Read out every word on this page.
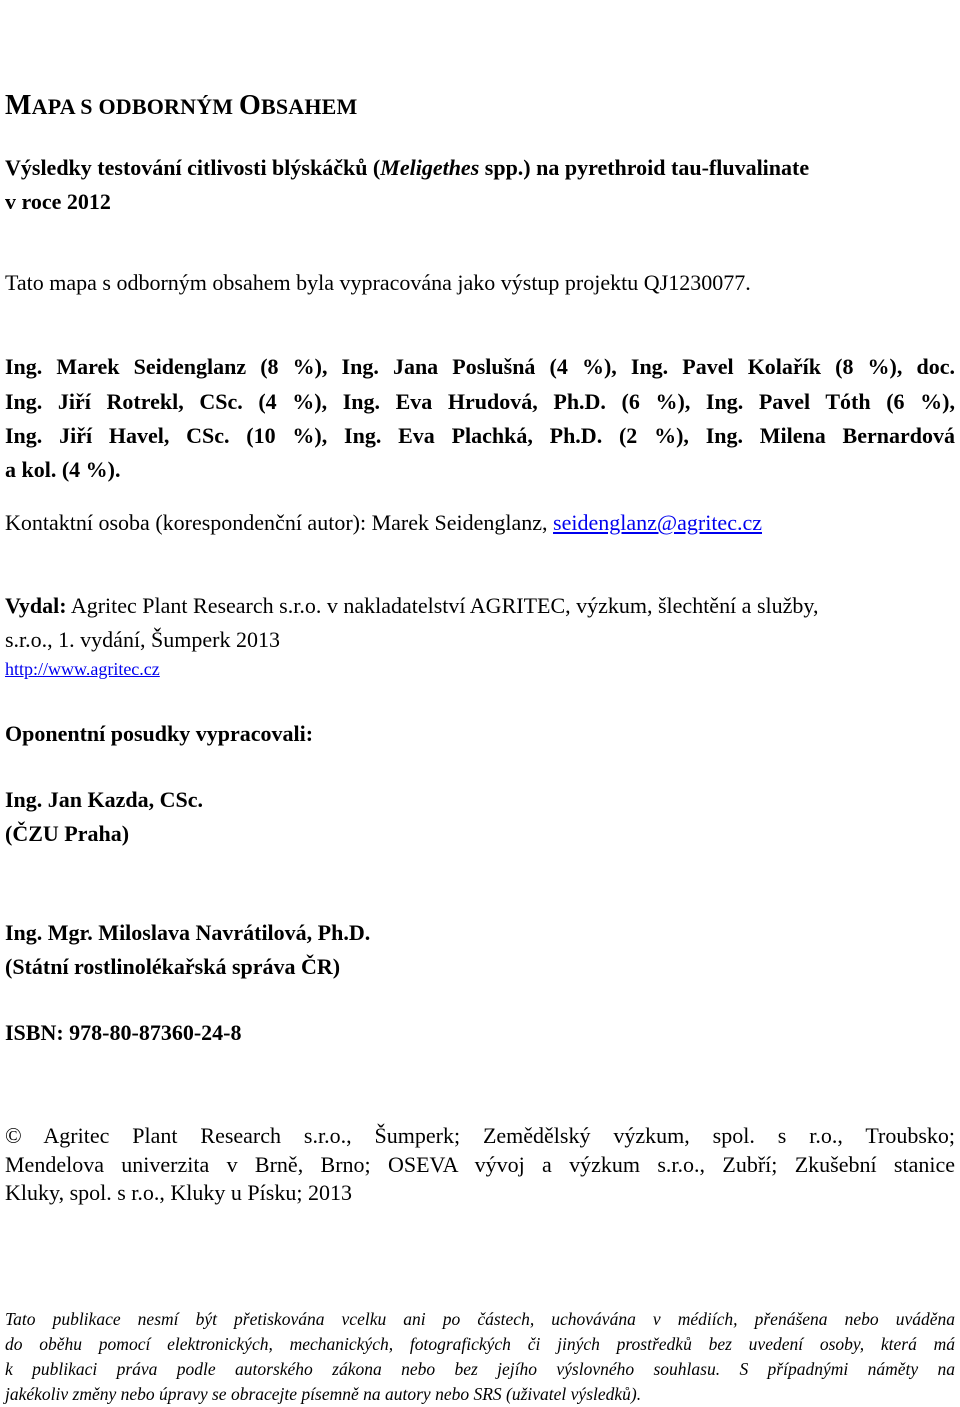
MAPA S ODBORNÝM OBSAHEM
Výsledky testování citlivosti blýskáčků (Meligethes spp.) na pyrethroid tau-fluvalinate
v roce 2012
Tato mapa s odborným obsahem byla vypracována jako výstup projektu QJ1230077.
Ing. Marek Seidenglanz (8 %), Ing. Jana Poslušná (4 %), Ing. Pavel Kolařík (8 %), doc.
Ing. Jiří Rotrekl, CSc. (4 %), Ing. Eva Hrudová, Ph.D. (6 %), Ing. Pavel Tóth (6 %),
Ing. Jiří Havel, CSc. (10 %), Ing. Eva Plachká, Ph.D. (2 %), Ing. Milena Bernardová
a kol. (4 %).
Kontaktní osoba (korespondenční autor): Marek Seidenglanz, seidenglanz@agritec.cz
Vydal: Agritec Plant Research s.r.o. v nakladatelství AGRITEC, výzkum, šlechtění a služby,
s.r.o., 1. vydání, Šumperk 2013
http://www.agritec.cz
Oponentní posudky vypracovali:
Ing. Jan Kazda, CSc.
(ČZU Praha)
Ing. Mgr. Miloslava Navrátilová, Ph.D.
(Státní rostlinolékařská správa ČR)
ISBN: 978-80-87360-24-8
© Agritec Plant Research s.r.o., Šumperk; Zemědělský výzkum, spol. s r.o., Troubsko;
Mendelova univerzita v Brně, Brno; OSEVA vývoj a výzkum s.r.o., Zubří; Zkušební stanice
Kluky, spol. s r.o., Kluky u Písku; 2013
Tato publikace nesmí být přetiskována vcelku ani po částech, uchovávána v médiích, přenášena nebo uváděna
do oběhu pomocí elektronických, mechanických, fotografických či jiných prostředků bez uvedení osoby, která má
k publikaci práva podle autorského zákona nebo bez jejího výslovného souhlasu. S případnými náměty na
jakékoliv změny nebo úpravy se obracejte písemně na autory nebo SRS (uživatel výsledků).
